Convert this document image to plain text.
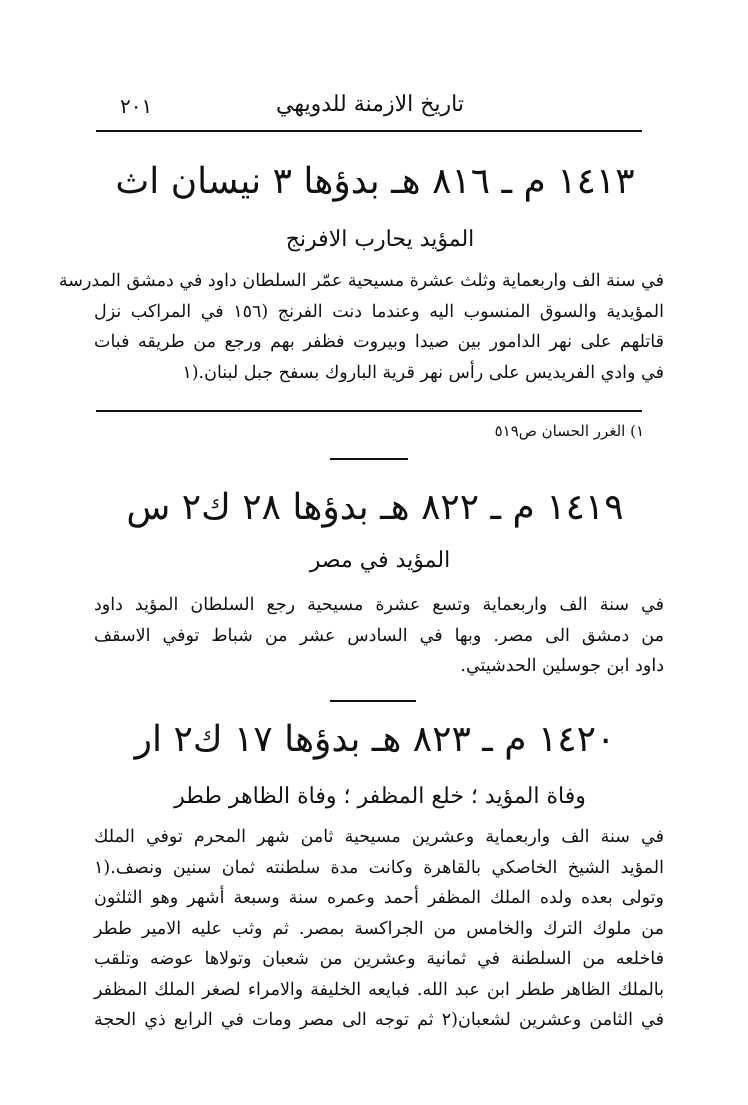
تاريخ الازمنة للدويهي
٢٠١
١٤١٣ م ـ ٨١٦ هـ بدؤها ٣ نيسان اث
المؤيد يحارب الافرنج
في سنة الف واربعماية وثلث عشرة مسيحية عمّر السلطان داود في دمشق المدرسة
المؤيدية والسوق المنسوب اليه وعندما دنت الفرنج (١٥٦ في المراكب نزل
قاتلهم على نهر الدامور بين صيدا وبيروت فظفر بهم ورجع من طريقه فبات
في وادي الفريديس على رأس نهر قرية الباروك بسفح جبل لبنان.(١
١) الغرر الحسان ص٥١٩
١٤١٩ م ـ ٨٢٢ هـ بدؤها ٢٨ ك٢ س
المؤيد في مصر
في سنة الف واربعماية وتسع عشرة مسيحية رجع السلطان المؤيد داود
من دمشق الى مصر. وبها في السادس عشر من شباط توفي الاسقف
داود ابن جوسلين الحدشيتي.
١٤٢٠ م ـ ٨٢٣ هـ بدؤها ١٧ ك٢ ار
وفاة المؤيد ؛ خلع المظفر ؛ وفاة الظاهر ططر
في سنة الف واربعماية وعشرين مسيحية ثامن شهر المحرم توفي الملك
المؤيد الشيخ الخاصكي بالقاهرة وكانت مدة سلطنته ثمان سنين ونصف.(١
وتولى بعده ولده الملك المظفر أحمد وعمره سنة وسبعة أشهر وهو الثلثون
من ملوك الترك والخامس من الجراكسة بمصر. ثم وثب عليه الامير ططر
فاخلعه من السلطنة في ثمانية وعشرين من شعبان وتولاها عوضه وتلقب
بالملك الظاهر ططر ابن عبد الله. فبايعه الخليفة والامراء لصغر الملك المظفر
في الثامن وعشرين لشعبان(٢ ثم توجه الى مصر ومات في الرابع ذي الحجة
